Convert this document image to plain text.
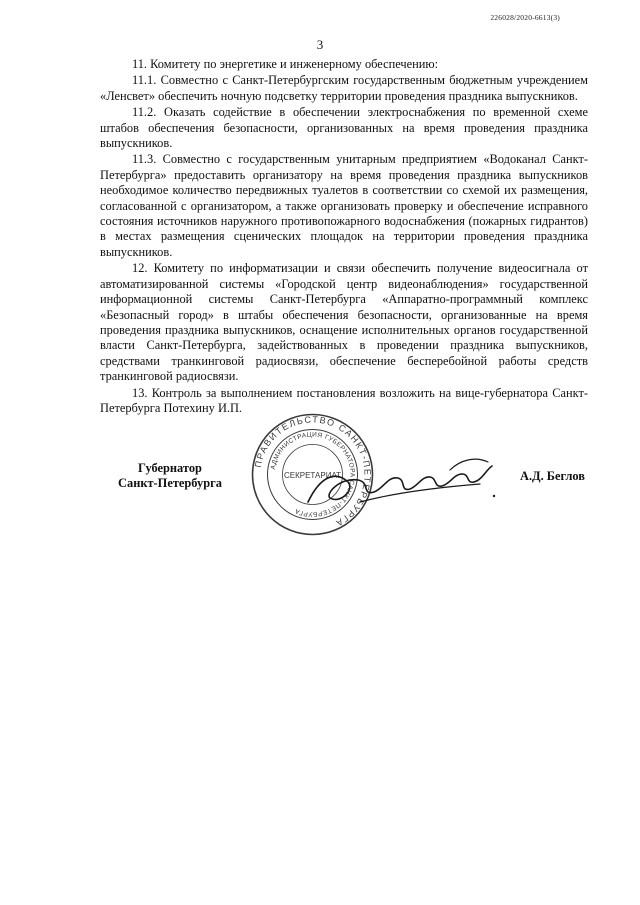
226028/2020-6613(3)
3

11. Комитету по энергетике и инженерному обеспечению:

11.1. Совместно с Санкт-Петербургским государственным бюджетным учреждением «Ленсвет» обеспечить ночную подсветку территории проведения праздника выпускников.

11.2. Оказать содействие в обеспечении электроснабжения по временной схеме штабов обеспечения безопасности, организованных на время проведения праздника выпускников.

11.3. Совместно с государственным унитарным предприятием «Водоканал Санкт-Петербурга» предоставить организатору на время проведения праздника выпускников необходимое количество передвижных туалетов в соответствии со схемой их размещения, согласованной с организатором, а также организовать проверку и обеспечение исправного состояния источников наружного противопожарного водоснабжения (пожарных гидрантов) в местах размещения сценических площадок на территории проведения праздника выпускников.

12. Комитету по информатизации и связи обеспечить получение видеосигнала от автоматизированной системы «Городской центр видеонаблюдения» государственной информационной системы Санкт-Петербурга «Аппаратно-программный комплекс «Безопасный город» в штабы обеспечения безопасности, организованные на время проведения праздника выпускников, оснащение исполнительных органов государственной власти Санкт-Петербурга, задействованных в проведении праздника выпускников, средствами транкинговой радиосвязи, обеспечение бесперебойной работы средств транкинговой радиосвязи.

13. Контроль за выполнением постановления возложить на вице-губернатора Санкт-Петербурга Потехину И.П.

Губернатор
Санкт-Петербурга
ПРАВИТЕЛЬСТВО САНКТ-ПЕТЕРБУРГА
АДМИНИСТРАЦИЯ ГУБЕРНАТОРА САНКТ-ПЕТЕРБУРГА
СЕКРЕТАРИАТ	А.Д. Беглов
